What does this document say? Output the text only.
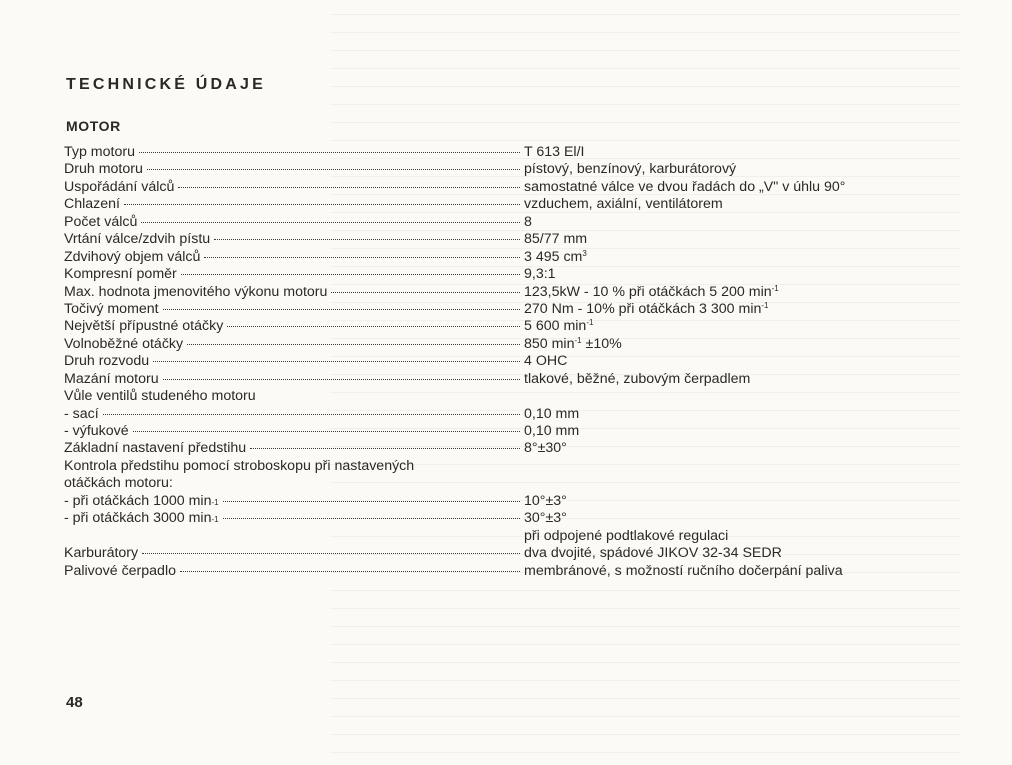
TECHNICKÉ ÚDAJE
MOTOR
Typ motoru	T 613 El/I
Druh motoru	pístový, benzínový, karburátorový
Uspořádání válců	samostatné válce ve dvou řadách do „V" v úhlu 90°
Chlazení	vzduchem, axiální, ventilátorem
Počet válců	8
Vrtání válce/zdvih pístu	85/77 mm
Zdvihový objem válců	3 495 $cm^3$
Kompresní poměr	9,3:1
Max. hodnota jmenovitého výkonu motoru	123,5kW - 10 % při otáčkách 5 200 $\min^{-1}$
Točivý moment	270 Nm - 10% při otáčkách 3 300 $\min^{-1}$
Největší přípustné otáčky	5 600 $\min^{-1}$
Volnoběžné otáčky	850 $\min^{-1} \pm 10\%$
Druh rozvodu	4 OHC
Mazání motoru	tlakové, běžné, zubovým čerpadlem
Vůle ventilů studeného motoru
- sací	0,10 mm
- výfukové	0,10 mm
Základní nastavení předstihu	8°±30°
Kontrola předstihu pomocí stroboskopu při nastavených
otáčkách motoru:
- při otáčkách 1000 min -1	10°±3°
- při otáčkách 3000 min -1	30°±3°
při odpojené podtlakové regulaci
Karburátory	dva dvojité, spádové JIKOV 32-34 SEDR
Palivové čerpadlo	membránové, s možností ručního dočerpání paliva
48
